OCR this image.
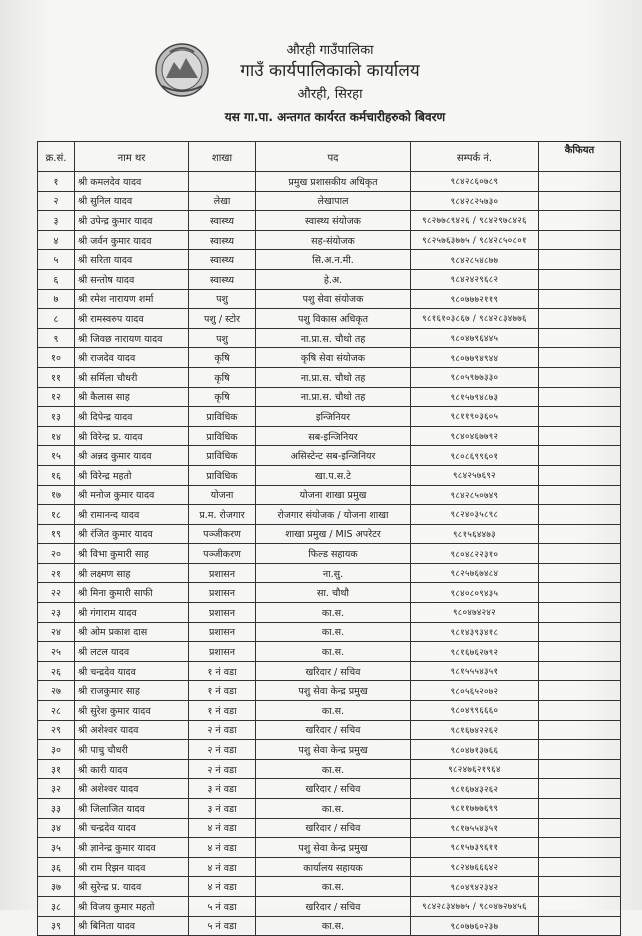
औरही गाउँपालिका
गाउँ कार्यपालिकाको कार्यालय
औरही, सिरहा
यस गा.पा. अन्तगत कार्यरत कर्मचारीहरुको बिवरण
क्र.सं.	नाम थर	शाखा	पद	सम्पर्क नं.	कैफियत
१	श्री कमलदेव यादव		प्रमुख प्रशासकीय अधिकृत	९८४२८६०७८९	
२	श्री सुनिल यादव	लेखा	लेखापाल	९८४२८२५७३०	
३	श्री उपेन्द्र कुमार यादव	स्वास्थ्य	स्वास्थ्य संयोजक	९८२७७८९४२६ / ९८४२९७८४२६	
४	श्री जर्वन कुमार यादव	स्वास्थ्य	सह-संयोजक	९८२५७६३७७५ / ९८४२८५०८०१	
५	श्री सरिता यादव	स्वास्थ्य	सि.अ.न.मी.	९८४२८५४८७७	
६	श्री सन्तोष यादव	स्वास्थ्य	हे.अ.	९८४२४२९६८२	
७	श्री रमेश नारायण शर्मा	पशु	पशु सेवा संयोजक	९८०७७७२११९	
८	श्री रामस्वरुप यादव	पशु / स्टोर	पशु विकास अधिकृत	९८१६१०३८६७ / ९८४२८३४७७६	
९	श्री जिवछ नारायण यादव	पशु	ना.प्रा.स. चौथो तह	९८०४७९६४४५	
१०	श्री राजदेव यादव	कृषि	कृषि सेवा संयोजक	९८०७७९४९४४	
११	श्री सर्मिला चौधरी	कृषि	ना.प्रा.स. चौथो तह	९८०५९७७३३०	
१२	श्री कैलास साह	कृषि	ना.प्रा.स. चौथो तह	९८१५७९४८७३	
१३	श्री दिपेन्द्र यादव	प्राविधिक	इन्जिनियर	९८११९०३६०५	
१४	श्री विरेन्द्र प्र. यादव	प्राविधिक	सब-इन्जिनियर	९८४०४६७७९२	
१५	श्री अन्नद कुमार यादव	प्राविधिक	असिस्टेन्ट सब-इन्जिनियर	९८०८६९९६०१	
१६	श्री विरेन्द्र महतो	प्राविधिक	खा.प.स.टे	९८४२५७६९२	
१७	श्री मनोज कुमार यादव	योजना	योजना शाखा प्रमुख	९८४२८५०७४९	
१८	श्री रामानन्द यादव	प्र.म. रोजगार	रोजगार संयोजक / योजना शाखा	९८२४०३५८९८	
१९	श्री रंजित कुमार यादव	पञ्जीकरण	शाखा प्रमुख / MIS अपरेटर	९८१५६४४७३	
२०	श्री विभा कुमारी साह	पञ्जीकरण	फिल्ड सहायक	९८०४८२२३१०	
२१	श्री लक्ष्मण साह	प्रशासन	ना.सु.	९८२५७६७४८४	
२२	श्री मिना कुमारी साफी	प्रशासन	सा. चौथौ	९८४०८०९४३५	
२३	श्री गंगाराम यादव	प्रशासन	का.स.	९८०४७४२४२	
२४	श्री ओम प्रकाश दास	प्रशासन	का.स.	९८१४३९३४१८	
२५	श्री लटल यादव	प्रशासन	का.स.	९८१६७६२७९२	
२६	श्री चन्द्रदेव यादव	१ नं वडा	खरिदार / सचिव	९८१५५५४३५१	
२७	श्री राजकुमार साह	१ नं वडा	पशु सेवा केन्द्र प्रमुख	९८०५६५२०७२	
२८	श्री सुरेश कुमार यादव	१ नं वडा	का.स.	९८०४९९६६६०	
२९	श्री अशेश्वर यादव	२ नं वडा	खरिदार / सचिव	९८१६७४२२६२	
३०	श्री पाचु चौधरी	२ नं वडा	पशु सेवा केन्द्र प्रमुख	९८०४७१३७६६	
३१	श्री कारी यादव	२ नं वडा	का.स.	९८२४७६२१९६४	
३२	श्री अशेश्वर यादव	३ नं वडा	खरिदार / सचिव	९८१६७४३२६२	
३३	श्री जिलाजित यादव	३ नं वडा	का.स.	९८११७७७६९९	
३४	श्री चन्द्रदेव यादव	४ नं वडा	खरिदार / सचिव	९८१७५५४३५१	
३५	श्री ज्ञानेन्द्र कुमार यादव	४ नं वडा	पशु सेवा केन्द्र प्रमुख	९८१५७३९६११	
३६	श्री राम रिझन यादव	४ नं वडा	कार्यालय सहायक	९८२४७६६६४२	
३७	श्री सुरेन्द्र प्र. यादव	४ नं वडा	का.स.	९८०४९४२३४२	
३८	श्री विजय कुमार महतो	५ नं वडा	खरिदार / सचिव	९८४२८३४७७५ / ९८०४७२७४५६	
३९	श्री बिनिता यादव	५ नं वडा	का.स.	९८०७७६०२३७	
